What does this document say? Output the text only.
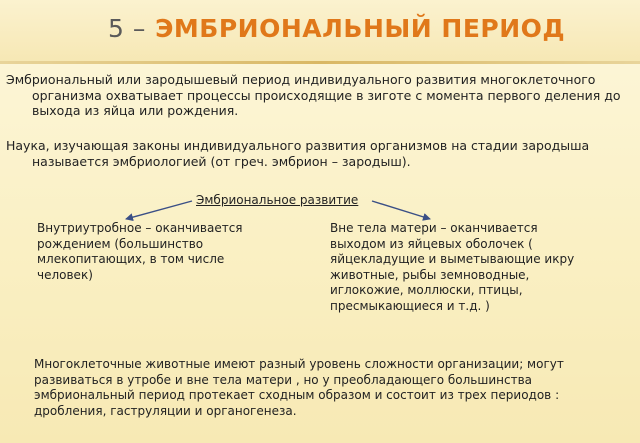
5 – ЭМБРИОНАЛЬНЫЙ ПЕРИОД

Эмбриональный или зародышевый период индивидуального развития многоклеточного организма охватывает процессы происходящие в зиготе с момента первого деления до выхода из яйца или рождения.

Наука, изучающая законы индивидуального развития организмов на стадии зародыша называется эмбриологией (от греч. эмбрион – зародыш).

Эмбриональное развитие
Внутриутробное – оканчивается рождением (большинство млекопитающих, в том числе человек)
Вне тела матери – оканчивается выходом из яйцевых оболочек ( яйцекладущие и выметывающие икру животные, рыбы земноводные, иглокожие, моллюски, птицы, пресмыкающиеся и т.д. )
Многоклеточные животные имеют разный уровень сложности организации; могут развиваться в утробе и вне тела матери , но у преобладающего большинства эмбриональный период протекает сходным образом и состоит из трех периодов : дробления, гаструляции и органогенеза.
